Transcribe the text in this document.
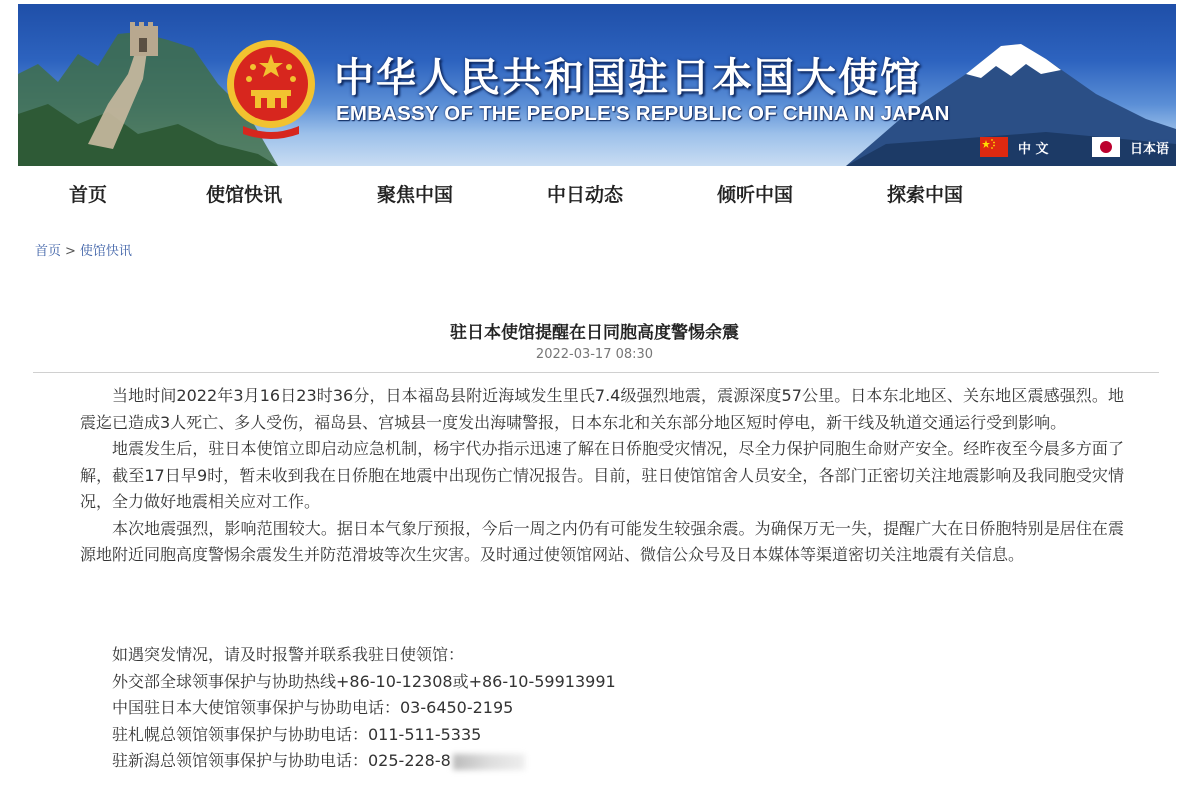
中华人民共和国驻日本国大使馆
EMBASSY OF THE PEOPLE'S REPUBLIC OF CHINA IN JAPAN
中 文	日本语
首页	使馆快讯	聚焦中国	中日动态	倾听中国	探索中国
首页 > 使馆快讯
驻日本使馆提醒在日同胞高度警惕余震
2022-03-17 08:30

当地时间2022年3月16日23时36分，日本福岛县附近海域发生里氏7.4级强烈地震，震源深度57公里。日本东北地区、关东地区震感强烈。地震迄已造成3人死亡、多人受伤，福岛县、宫城县一度发出海啸警报，日本东北和关东部分地区短时停电，新干线及轨道交通运行受到影响。

地震发生后，驻日本使馆立即启动应急机制，杨宇代办指示迅速了解在日侨胞受灾情况，尽全力保护同胞生命财产安全。经昨夜至今晨多方面了解，截至17日早9时，暂未收到我在日侨胞在地震中出现伤亡情况报告。目前，驻日使馆馆舍人员安全，各部门正密切关注地震影响及我同胞受灾情况，全力做好地震相关应对工作。

本次地震强烈，影响范围较大。据日本气象厅预报，今后一周之内仍有可能发生较强余震。为确保万无一失，提醒广大在日侨胞特别是居住在震源地附近同胞高度警惕余震发生并防范滑坡等次生灾害。及时通过使领馆网站、微信公众号及日本媒体等渠道密切关注地震有关信息。

如遇突发情况，请及时报警并联系我驻日使领馆：
外交部全球领事保护与协助热线+86-10-12308或+86-10-59913991
中国驻日本大使馆领事保护与协助电话：03-6450-2195
驻札幌总领馆领事保护与协助电话：011-511-5335
驻新潟总领馆领事保护与协助电话：025-228-8
